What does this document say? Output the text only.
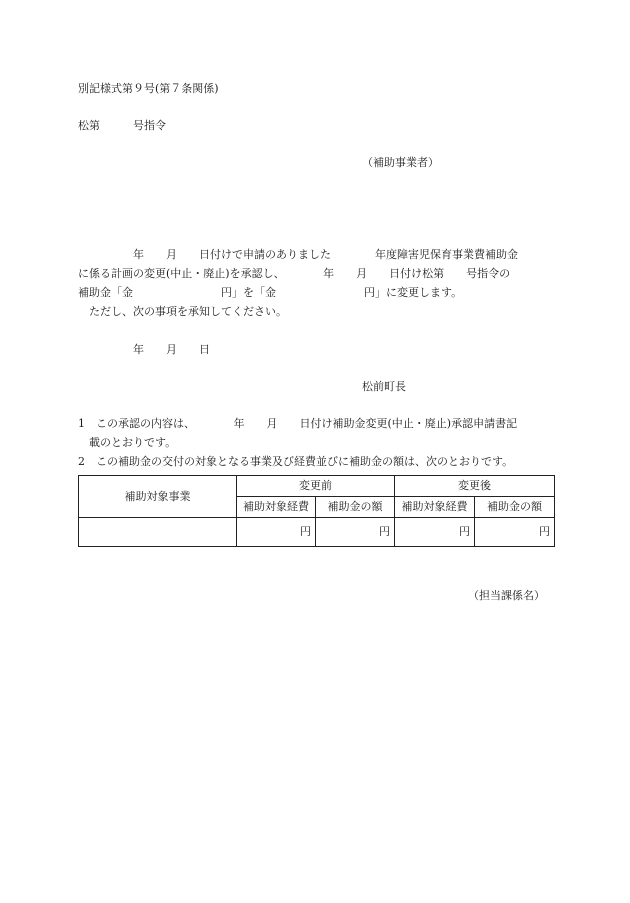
別記様式第９号(第７条関係)
松第　　　号指令
（補助事業者）
　　　　　年　　月　　日付けで申請のありました　　　　年度障害児保育事業費補助金
に係る計画の変更(中止・廃止)を承認し、　　　　年　　月　　日付け松第　　号指令の
補助金「金　　　　　　　　円」を「金　　　　　　　　円」に変更します。
　ただし、次の事項を承知してください。
　　　　　年　　月　　日
松前町長
1　この承認の内容は、　　　　年　　月　　日付け補助金変更(中止・廃止)承認申請書記
　載のとおりです。
2　この補助金の交付の対象となる事業及び経費並びに補助金の額は、次のとおりです。
補助対象事業	変更前		変更後	
	補助対象経費	補助金の額	補助対象経費	補助金の額
	円	円	円	円
（担当課係名）
